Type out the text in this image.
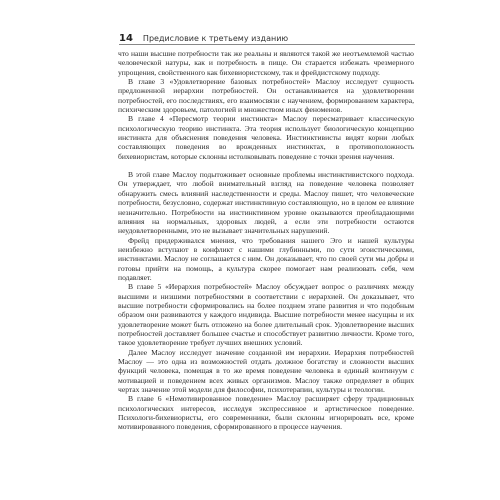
14 Предисловие к третьему изданию

что наши высшие потребности так же реальны и являются такой же неотъемлемой частью человеческой натуры, как и потребность в пище. Он старается избежать чрезмерного упрощения, свойственного как бихевиористскому, так и фрейдистскому подходу.

В главе 3 «Удовлетворение базовых потребностей» Маслоу исследует сущность предложенной иерархии потребностей. Он останавливается на удовлетворении потребностей, его последствиях, его взаимосвязи с научением, формированием характера, психическим здоровьем, патологией и множеством иных феноменов.

В главе 4 «Пересмотр теории инстинкта» Маслоу пересматривает классическую психологическую теорию инстинкта. Эта теория использует биологическую концепцию инстинкта для объяснения поведения человека. Инстинктивисты видят корни любых составляющих поведения во врожденных инстинктах, в противоположность бихевиористам, которые склонны истолковывать поведение с точки зрения научения.

В этой главе Маслоу подытоживает основные проблемы инстинктивистского подхода. Он утверждает, что любой внимательный взгляд на поведение человека позволяет обнаружить смесь влияний наследственности и среды. Маслоу пишет, что человеческие потребности, безусловно, содержат инстинктивную составляющую, но в целом ее влияние незначительно. Потребности на инстинктивном уровне оказываются преобладающими влияния на нормальных, здоровых людей, а если эти потребности остаются неудовлетворенными, это не вызывает значительных нарушений.

Фрейд придерживался мнения, что требования нашего Эго и нашей культуры неизбежно вступают в конфликт с нашими глубинными, по сути эгоистическими, инстинктами. Маслоу не соглашается с ним. Он доказывает, что по своей сути мы добры и готовы прийти на помощь, а культура скорее помогает нам реализовать себя, чем подавляет.

В главе 5 «Иерархия потребностей» Маслоу обсуждает вопрос о различиях между высшими и низшими потребностями в соответствии с иерархией. Он доказывает, что высшие потребности сформировались на более позднем этапе развития и что подобным образом они развиваются у каждого индивида. Высшие потребности менее насущны и их удовлетворение может быть отложено на более длительный срок. Удовлетворение высших потребностей доставляет большее счастье и способствует развитию личности. Кроме того, такое удовлетворение требует лучших внешних условий.

Далее Маслоу исследует значение созданной им иерархии. Иерархия потребностей Маслоу — это одна из возможностей отдать должное богатству и сложности высших функций человека, помещая в то же время поведение человека в единый континуум с мотивацией и поведением всех живых организмов. Маслоу также определяет в общих чертах значение этой модели для философии, психотерапии, культуры и теологии.

В главе 6 «Немотивированное поведение» Маслоу расширяет сферу традиционных психологических интересов, исследуя экспрессивное и артистическое поведение. Психологи-бихевиористы, его современники, были склонны игнорировать все, кроме мотивированного поведения, сформированного в процессе научения.
